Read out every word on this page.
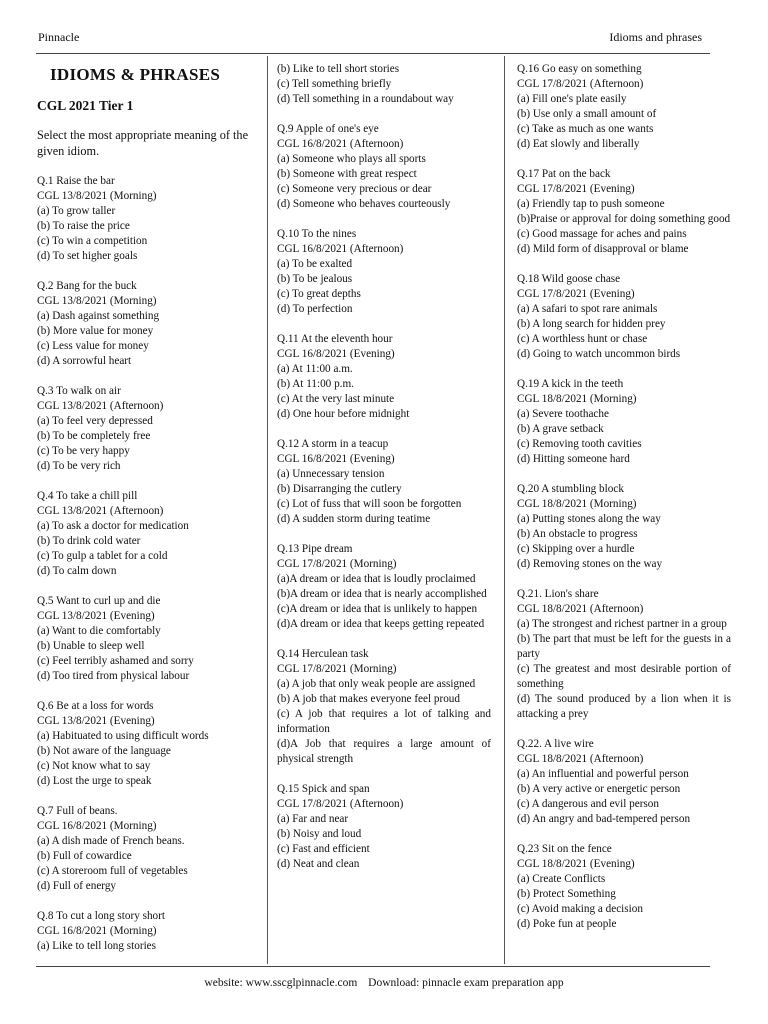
Pinnacle	Idioms and phrases
IDIOMS & PHRASES
CGL 2021 Tier 1
Select the most appropriate meaning of the given idiom.
Q.1 Raise the bar
CGL 13/8/2021 (Morning)
(a) To grow taller
(b) To raise the price
(c) To win a competition
(d) To set higher goals
Q.2 Bang for the buck
CGL 13/8/2021 (Morning)
(a) Dash against something
(b) More value for money
(c) Less value for money
(d) A sorrowful heart
Q.3 To walk on air
CGL 13/8/2021 (Afternoon)
(a) To feel very depressed
(b) To be completely free
(c) To be very happy
(d) To be very rich
Q.4 To take a chill pill
CGL 13/8/2021 (Afternoon)
(a) To ask a doctor for medication
(b) To drink cold water
(c) To gulp a tablet for a cold
(d) To calm down
Q.5 Want to curl up and die
CGL 13/8/2021 (Evening)
(a) Want to die comfortably
(b) Unable to sleep well
(c) Feel terribly ashamed and sorry
(d) Too tired from physical labour
Q.6 Be at a loss for words
CGL 13/8/2021 (Evening)
(a) Habituated to using difficult words
(b) Not aware of the language
(c) Not know what to say
(d) Lost the urge to speak
Q.7 Full of beans.
CGL 16/8/2021 (Morning)
(a) A dish made of French beans.
(b) Full of cowardice
(c) A storeroom full of vegetables
(d) Full of energy
Q.8 To cut a long story short
CGL 16/8/2021 (Morning)
(a) Like to tell long stories
(b) Like to tell short stories
(c) Tell something briefly
(d) Tell something in a roundabout way
Q.9 Apple of one's eye
CGL 16/8/2021 (Afternoon)
(a) Someone who plays all sports
(b) Someone with great respect
(c) Someone very precious or dear
(d) Someone who behaves courteously
Q.10 To the nines
CGL 16/8/2021 (Afternoon)
(a) To be exalted
(b) To be jealous
(c) To great depths
(d) To perfection
Q.11 At the eleventh hour
CGL 16/8/2021 (Evening)
(a) At 11:00 a.m.
(b) At 11:00 p.m.
(c) At the very last minute
(d) One hour before midnight
Q.12 A storm in a teacup
CGL 16/8/2021 (Evening)
(a) Unnecessary tension
(b) Disarranging the cutlery
(c) Lot of fuss that will soon be forgotten
(d) A sudden storm during teatime
Q.13 Pipe dream
CGL 17/8/2021 (Morning)
(a)A dream or idea that is loudly proclaimed
(b)A dream or idea that is nearly accomplished
(c)A dream or idea that is unlikely to happen
(d)A dream or idea that keeps getting repeated
Q.14 Herculean task
CGL 17/8/2021 (Morning)
(a) A job that only weak people are assigned
(b) A job that makes everyone feel proud
(c) A job that requires a lot of talking and information
(d)A Job that requires a large amount of physical strength
Q.15 Spick and span
CGL 17/8/2021 (Afternoon)
(a) Far and near
(b) Noisy and loud
(c) Fast and efficient
(d) Neat and clean
Q.16 Go easy on something
CGL 17/8/2021 (Afternoon)
(a) Fill one's plate easily
(b) Use only a small amount of
(c) Take as much as one wants
(d) Eat slowly and liberally
Q.17 Pat on the back
CGL 17/8/2021 (Evening)
(a) Friendly tap to push someone
(b)Praise or approval for doing something good
(c) Good massage for aches and pains
(d) Mild form of disapproval or blame
Q.18 Wild goose chase
CGL 17/8/2021 (Evening)
(a) A safari to spot rare animals
(b) A long search for hidden prey
(c) A worthless hunt or chase
(d) Going to watch uncommon birds
Q.19 A kick in the teeth
CGL 18/8/2021 (Morning)
(a) Severe toothache
(b) A grave setback
(c) Removing tooth cavities
(d) Hitting someone hard
Q.20 A stumbling block
CGL 18/8/2021 (Morning)
(a) Putting stones along the way
(b) An obstacle to progress
(c) Skipping over a hurdle
(d) Removing stones on the way
Q.21. Lion's share
CGL 18/8/2021 (Afternoon)
(a) The strongest and richest partner in a group
(b) The part that must be left for the guests in a party
(c) The greatest and most desirable portion of something
(d) The sound produced by a lion when it is attacking a prey
Q.22. A live wire
CGL 18/8/2021 (Afternoon)
(a) An influential and powerful person
(b) A very active or energetic person
(c) A dangerous and evil person
(d) An angry and bad-tempered person
Q.23 Sit on the fence
CGL 18/8/2021 (Evening)
(a) Create Conflicts
(b) Protect Something
(c) Avoid making a decision
(d) Poke fun at people
website: www.sscglpinnacle.com Download: pinnacle exam preparation app
